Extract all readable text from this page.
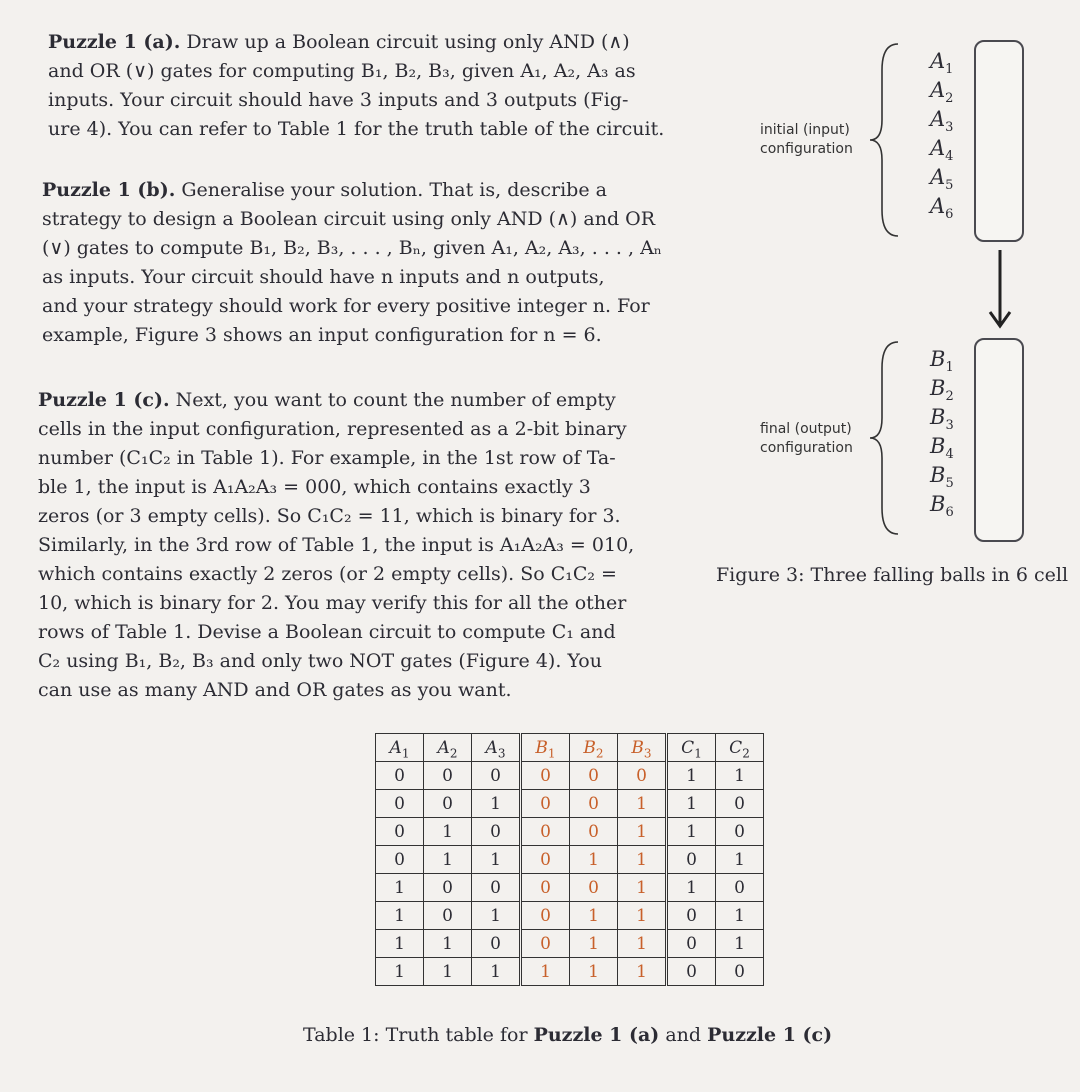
Puzzle 1 (a). Draw up a Boolean circuit using only AND (∧)
and OR (∨) gates for computing B₁, B₂, B₃, given A₁, A₂, A₃ as
inputs. Your circuit should have 3 inputs and 3 outputs (Fig-
ure 4). You can refer to Table 1 for the truth table of the circuit.
Puzzle 1 (b). Generalise your solution. That is, describe a
strategy to design a Boolean circuit using only AND (∧) and OR
(∨) gates to compute B₁, B₂, B₃, . . . , Bₙ, given A₁, A₂, A₃, . . . , Aₙ
as inputs. Your circuit should have n inputs and n outputs,
and your strategy should work for every positive integer n. For
example, Figure 3 shows an input configuration for n = 6.
Puzzle 1 (c). Next, you want to count the number of empty
cells in the input configuration, represented as a 2-bit binary
number (C₁C₂ in Table 1). For example, in the 1st row of Ta-
ble 1, the input is A₁A₂A₃ = 000, which contains exactly 3
zeros (or 3 empty cells). So C₁C₂ = 11, which is binary for 3.
Similarly, in the 3rd row of Table 1, the input is A₁A₂A₃ = 010,
which contains exactly 2 zeros (or 2 empty cells). So C₁C₂ =
10, which is binary for 2. You may verify this for all the other
rows of Table 1. Devise a Boolean circuit to compute C₁ and
C₂ using B₁, B₂, B₃ and only two NOT gates (Figure 4). You
can use as many AND and OR gates as you want.
initial (input)
configuration
$A_1$
$A_2$
$A_3$
$A_4$
$A_5$
$A_6$
final (output)
configuration
$B_1$
$B_2$
$B_3$
$B_4$
$B_5$
$B_6$
Figure 3: Three falling balls in 6 cell
$A_1$	$A_2$	$A_3$	$B_1$	$B_2$	$B_3$	$C_1$	$C_2$
0	0	0	0	0	0	1	1
0	0	1	0	0	1	1	0
0	1	0	0	0	1	1	0
0	1	1	0	1	1	0	1
1	0	0	0	0	1	1	0
1	0	1	0	1	1	0	1
1	1	0	0	1	1	0	1
1	1	1	1	1	1	0	0
Table 1: Truth table for Puzzle 1 (a) and Puzzle 1 (c)
